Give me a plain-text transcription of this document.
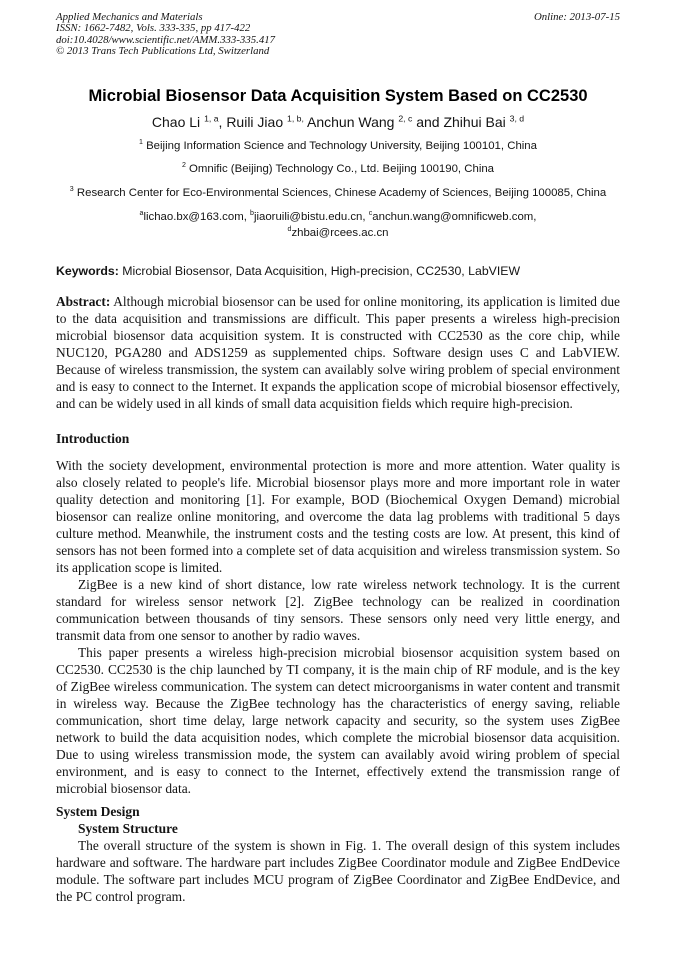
Applied Mechanics and Materials
ISSN: 1662-7482, Vols. 333-335, pp 417-422
doi:10.4028/www.scientific.net/AMM.333-335.417
© 2013 Trans Tech Publications Ltd, Switzerland
Online: 2013-07-15
Microbial Biosensor Data Acquisition System Based on CC2530
Chao Li $^{1, a}$, Ruili Jiao $^{1, b,}$ Anchun Wang $^{2, c}$ and Zhihui Bai $^{3, d}$
$^1$ Beijing Information Science and Technology University, Beijing 100101, China
$^2$ Omnific (Beijing) Technology Co., Ltd. Beijing 100190, China
$^3$ Research Center for Eco-Environmental Sciences, Chinese Academy of Sciences, Beijing 100085, China
$^a$lichao.bx@163.com, $^b$jiaoruili@bistu.edu.cn, $^c$anchun.wang@omnificweb.com,
$^d$zhbai@rcees.ac.cn
Keywords: Microbial Biosensor, Data Acquisition, High-precision, CC2530, LabVIEW

Abstract: Although microbial biosensor can be used for online monitoring, its application is limited due to the data acquisition and transmissions are difficult. This paper presents a wireless high-precision microbial biosensor data acquisition system. It is constructed with CC2530 as the core chip, while NUC120, PGA280 and ADS1259 as supplemented chips. Software design uses C and LabVIEW. Because of wireless transmission, the system can availably solve wiring problem of special environment and is easy to connect to the Internet. It expands the application scope of microbial biosensor effectively, and can be widely used in all kinds of small data acquisition fields which require high-precision.

Introduction

With the society development, environmental protection is more and more attention. Water quality is also closely related to people's life. Microbial biosensor plays more and more important role in water quality detection and monitoring [1]. For example, BOD (Biochemical Oxygen Demand) microbial biosensor can realize online monitoring, and overcome the data lag problems with traditional 5 days culture method. Meanwhile, the instrument costs and the testing costs are low. At present, this kind of sensors has not been formed into a complete set of data acquisition and wireless transmission system. So its application scope is limited.

ZigBee is a new kind of short distance, low rate wireless network technology. It is the current standard for wireless sensor network [2]. ZigBee technology can be realized in coordination communication between thousands of tiny sensors. These sensors only need very little energy, and transmit data from one sensor to another by radio waves.

This paper presents a wireless high-precision microbial biosensor acquisition system based on CC2530. CC2530 is the chip launched by TI company, it is the main chip of RF module, and is the key of ZigBee wireless communication. The system can detect microorganisms in water content and transmit in wireless way. Because the ZigBee technology has the characteristics of energy saving, reliable communication, short time delay, large network capacity and security, so the system uses ZigBee network to build the data acquisition nodes, which complete the microbial biosensor data acquisition. Due to using wireless transmission mode, the system can availably avoid wiring problem of special environment, and is easy to connect to the Internet, effectively extend the transmission range of microbial biosensor data.

System Design

System Structure

The overall structure of the system is shown in Fig. 1. The overall design of this system includes hardware and software. The hardware part includes ZigBee Coordinator module and ZigBee EndDevice module. The software part includes MCU program of ZigBee Coordinator and ZigBee EndDevice, and the PC control program.
